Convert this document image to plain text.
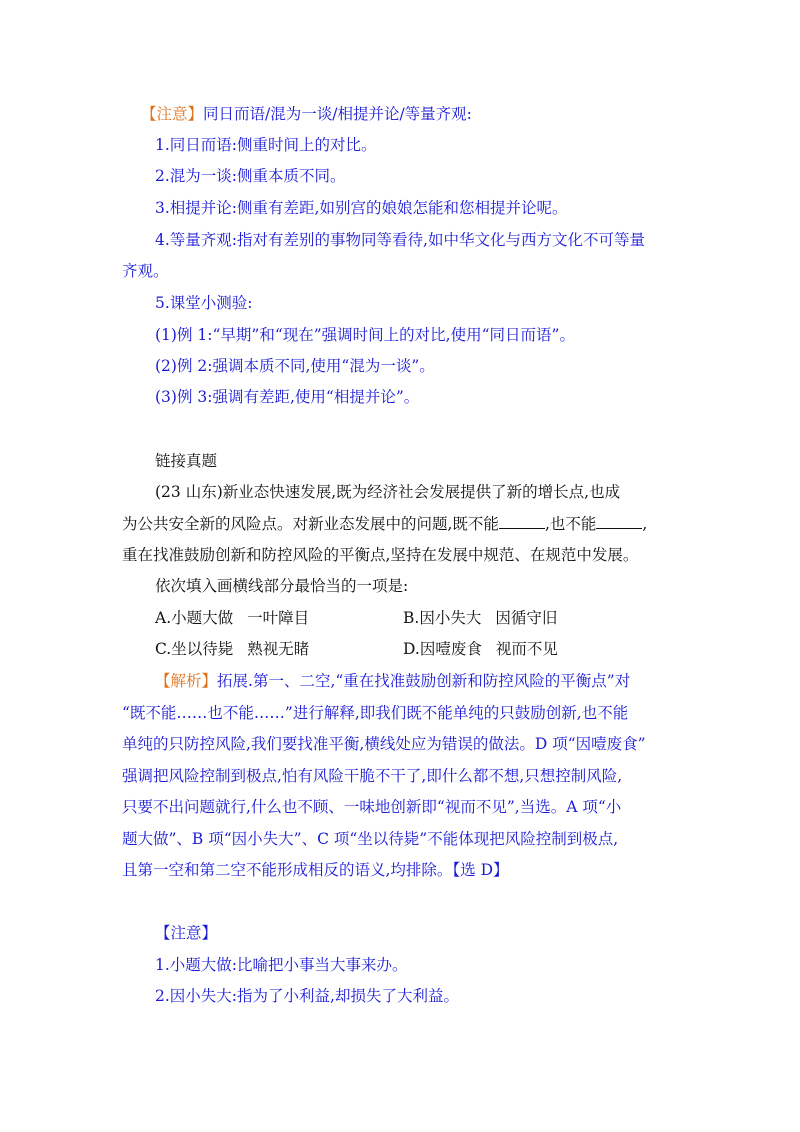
【注意】同日而语/混为一谈/相提并论/等量齐观:
1.同日而语:侧重时间上的对比。
2.混为一谈:侧重本质不同。
3.相提并论:侧重有差距,如别宫的娘娘怎能和您相提并论呢。
4.等量齐观:指对有差别的事物同等看待,如中华文化与西方文化不可等量
齐观。
5.课堂小测验:
(1)例 1:“早期”和“现在”强调时间上的对比,使用“同日而语”。
(2)例 2:强调本质不同,使用“混为一谈”。
(3)例 3:强调有差距,使用“相提并论”。
链接真题
(23 山东)新业态快速发展,既为经济社会发展提供了新的增长点,也成
为公共安全新的风险点。对新业态发展中的问题,既不能	,也不能	,
重在找准鼓励创新和防控风险的平衡点,坚持在发展中规范、在规范中发展。
依次填入画横线部分最恰当的一项是:
A.小题大做 一叶障目	B.因小失大 因循守旧
C.坐以待毙 熟视无睹	D.因噎废食 视而不见
【解析】拓展.第一、二空,“重在找准鼓励创新和防控风险的平衡点”对
“既不能……也不能……”进行解释,即我们既不能单纯的只鼓励创新,也不能
单纯的只防控风险,我们要找准平衡,横线处应为错误的做法。D 项“因噎废食”
强调把风险控制到极点,怕有风险干脆不干了,即什么都不想,只想控制风险,
只要不出问题就行,什么也不顾、一味地创新即“视而不见”,当选。A 项“小
题大做”、B 项“因小失大”、C 项“坐以待毙”不能体现把风险控制到极点,
且第一空和第二空不能形成相反的语义,均排除。【选 D】
【注意】
1.小题大做:比喻把小事当大事来办。
2.因小失大:指为了小利益,却损失了大利益。
